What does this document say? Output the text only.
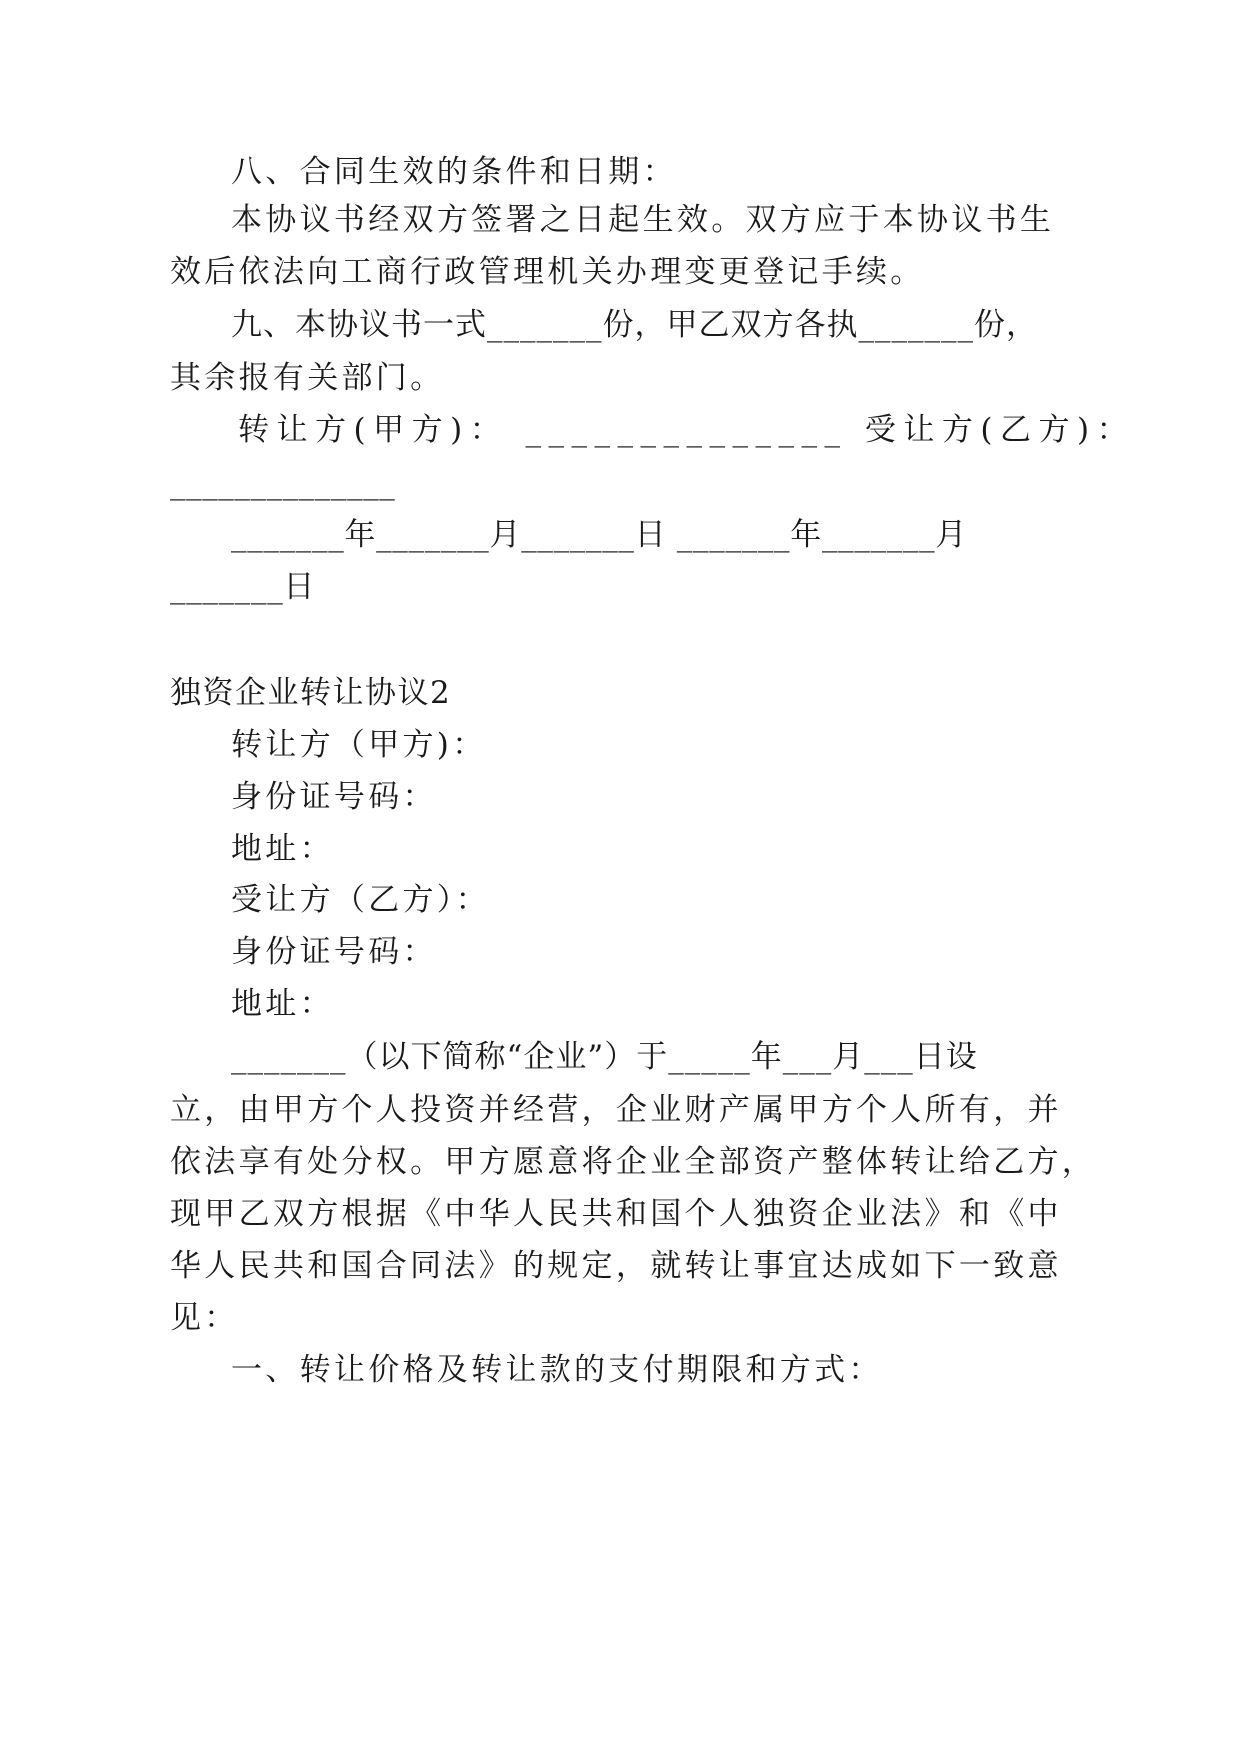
八、合同生效的条件和日期：
本协议书经双方签署之日起生效。双方应于本协议书生
效后依法向工商行政管理机关办理变更登记手续。
九、本协议书一式_______份，甲乙双方各执_______份，
其余报有关部门。
转让方(甲方)： ______________ 受让方(乙方)：
______________
_______年_______月_______日 _______年_______月
_______日
独资企业转让协议2
转让方（甲方)：
身份证号码：
地址：
受让方（乙方）：
身份证号码：
地址：
_______（以下简称“企业”）于_____年___月___日设
立，由甲方个人投资并经营，企业财产属甲方个人所有，并
依法享有处分权。甲方愿意将企业全部资产整体转让给乙方，
现甲乙双方根据《中华人民共和国个人独资企业法》和《中
华人民共和国合同法》的规定，就转让事宜达成如下一致意
见：
一、转让价格及转让款的支付期限和方式：
